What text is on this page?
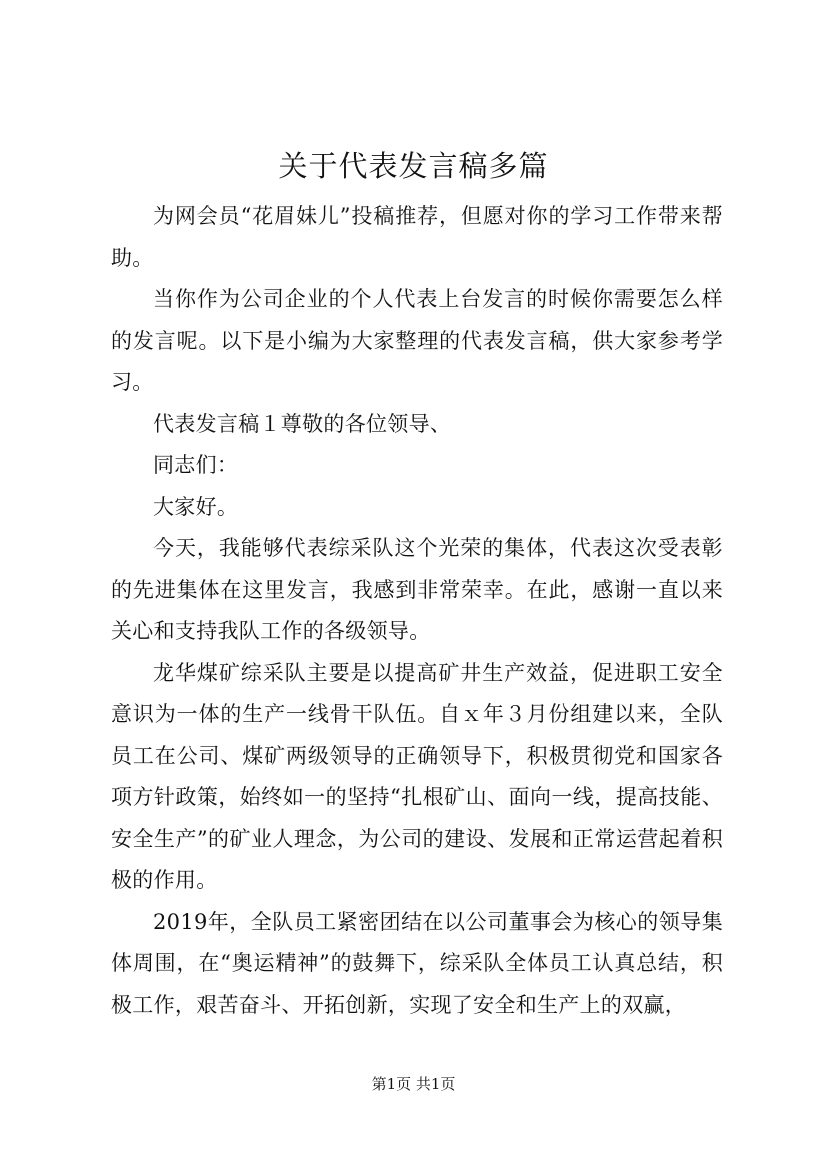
关于代表发言稿多篇

为网会员“花眉妹儿”投稿推荐，但愿对你的学习工作带来帮助。

当你作为公司企业的个人代表上台发言的时候你需要怎么样的发言呢。以下是小编为大家整理的代表发言稿，供大家参考学习。

代表发言稿１尊敬的各位领导、

同志们：

大家好。

今天，我能够代表综采队这个光荣的集体，代表这次受表彰的先进集体在这里发言，我感到非常荣幸。在此，感谢一直以来关心和支持我队工作的各级领导。

龙华煤矿综采队主要是以提高矿井生产效益，促进职工安全意识为一体的生产一线骨干队伍。自ｘ年３月份组建以来，全队员工在公司、煤矿两级领导的正确领导下，积极贯彻党和国家各项方针政策，始终如一的坚持“扎根矿山、面向一线，提高技能、安全生产”的矿业人理念，为公司的建设、发展和正常运营起着积极的作用。

2019年，全队员工紧密团结在以公司董事会为核心的领导集体周围，在“奥运精神”的鼓舞下，综采队全体员工认真总结，积极工作，艰苦奋斗、开拓创新，实现了安全和生产上的双赢，

第1页 共1页
